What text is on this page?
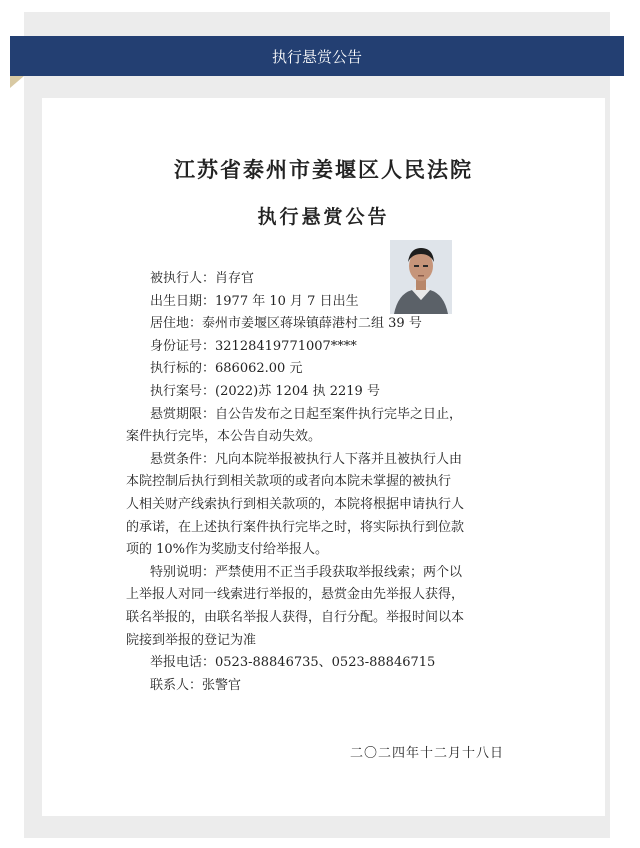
执行悬赏公告
江苏省泰州市姜堰区人民法院
执行悬赏公告

被执行人：肖存官

出生日期：1977 年 10 月 7 日出生

居住地：泰州市姜堰区蒋垛镇薛港村二组 39 号

身份证号：32128419771007****

执行标的：686062.00 元

执行案号：(2022)苏 1204 执 2219 号

悬赏期限：自公告发布之日起至案件执行完毕之日止，

案件执行完毕，本公告自动失效。

悬赏条件：凡向本院举报被执行人下落并且被执行人由

本院控制后执行到相关款项的或者向本院未掌握的被执行

人相关财产线索执行到相关款项的，本院将根据申请执行人

的承诺，在上述执行案件执行完毕之时，将实际执行到位款

项的 10%作为奖励支付给举报人。

特别说明：严禁使用不正当手段获取举报线索；两个以

上举报人对同一线索进行举报的，悬赏金由先举报人获得，

联名举报的，由联名举报人获得，自行分配。举报时间以本

院接到举报的登记为准

举报电话：0523-88846735、0523-88846715

联系人：张警官

二〇二四年十二月十八日
